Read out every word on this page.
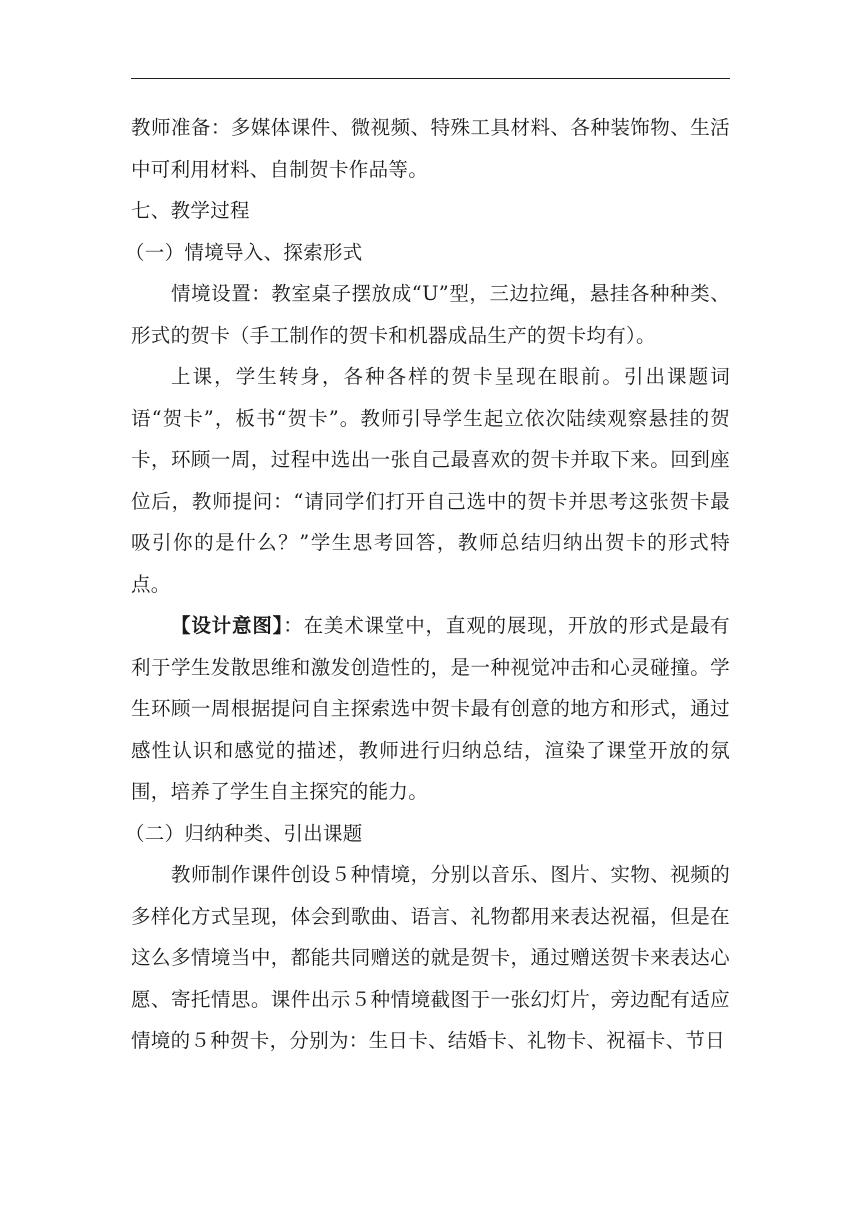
教师准备：多媒体课件、微视频、特殊工具材料、各种装饰物、生活中可利用材料、自制贺卡作品等。

七、教学过程

（一）情境导入、探索形式

情境设置：教室桌子摆放成“U”型，三边拉绳，悬挂各种种类、形式的贺卡（手工制作的贺卡和机器成品生产的贺卡均有）。

上课，学生转身，各种各样的贺卡呈现在眼前。引出课题词语“贺卡”，板书“贺卡”。教师引导学生起立依次陆续观察悬挂的贺卡，环顾一周，过程中选出一张自己最喜欢的贺卡并取下来。回到座位后，教师提问：“请同学们打开自己选中的贺卡并思考这张贺卡最吸引你的是什么？”学生思考回答，教师总结归纳出贺卡的形式特点。

【设计意图】：在美术课堂中，直观的展现，开放的形式是最有利于学生发散思维和激发创造性的，是一种视觉冲击和心灵碰撞。学生环顾一周根据提问自主探索选中贺卡最有创意的地方和形式，通过感性认识和感觉的描述，教师进行归纳总结，渲染了课堂开放的氛围，培养了学生自主探究的能力。

（二）归纳种类、引出课题

教师制作课件创设５种情境，分别以音乐、图片、实物、视频的多样化方式呈现，体会到歌曲、语言、礼物都用来表达祝福，但是在这么多情境当中，都能共同赠送的就是贺卡，通过赠送贺卡来表达心愿、寄托情思。课件出示５种情境截图于一张幻灯片，旁边配有适应情境的５种贺卡，分别为：生日卡、结婚卡、礼物卡、祝福卡、节日
